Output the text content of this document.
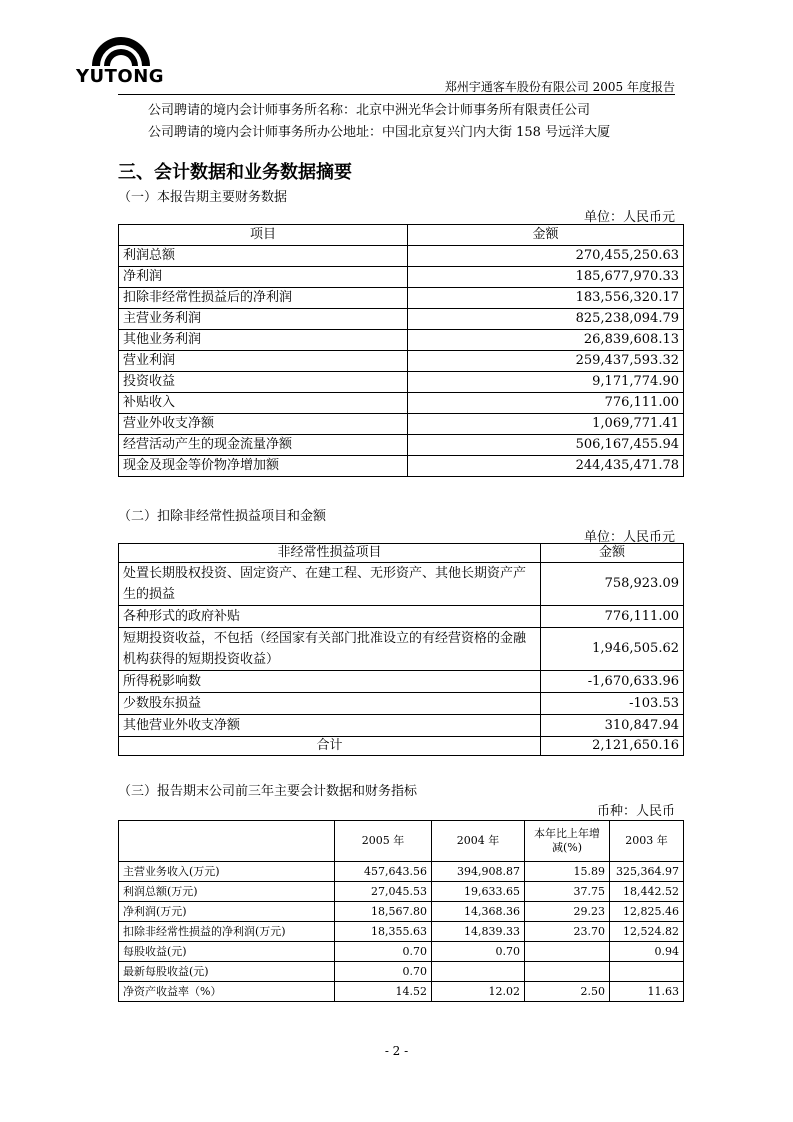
YUTONG	郑州宇通客车股份有限公司 2005 年度报告
公司聘请的境内会计师事务所名称：北京中洲光华会计师事务所有限责任公司
公司聘请的境内会计师事务所办公地址：中国北京复兴门内大街 158 号远洋大厦
三、会计数据和业务数据摘要
（一）本报告期主要财务数据
单位：人民币元
项目	金额
利润总额	270,455,250.63
净利润	185,677,970.33
扣除非经常性损益后的净利润	183,556,320.17
主营业务利润	825,238,094.79
其他业务利润	26,839,608.13
营业利润	259,437,593.32
投资收益	9,171,774.90
补贴收入	776,111.00
营业外收支净额	1,069,771.41
经营活动产生的现金流量净额	506,167,455.94
现金及现金等价物净增加额	244,435,471.78
（二）扣除非经常性损益项目和金额
单位：人民币元
非经常性损益项目	金额
处置长期股权投资、固定资产、在建工程、无形资产、其他长期资产产生的损益	758,923.09
各种形式的政府补贴	776,111.00
短期投资收益，不包括（经国家有关部门批准设立的有经营资格的金融机构获得的短期投资收益）	1,946,505.62
所得税影响数	-1,670,633.96
少数股东损益	-103.53
其他营业外收支净额	310,847.94
合计	2,121,650.16
（三）报告期末公司前三年主要会计数据和财务指标
币种：人民币
	2005 年	2004 年	本年比上年增减(%)	2003 年
主营业务收入(万元)	457,643.56	394,908.87	15.89	325,364.97
利润总额(万元)	27,045.53	19,633.65	37.75	18,442.52
净利润(万元)	18,567.80	14,368.36	29.23	12,825.46
扣除非经常性损益的净利润(万元)	18,355.63	14,839.33	23.70	12,524.82
每股收益(元)	0.70	0.70		0.94
最新每股收益(元)	0.70			
净资产收益率（%）	14.52	12.02	2.50	11.63
- 2 -
